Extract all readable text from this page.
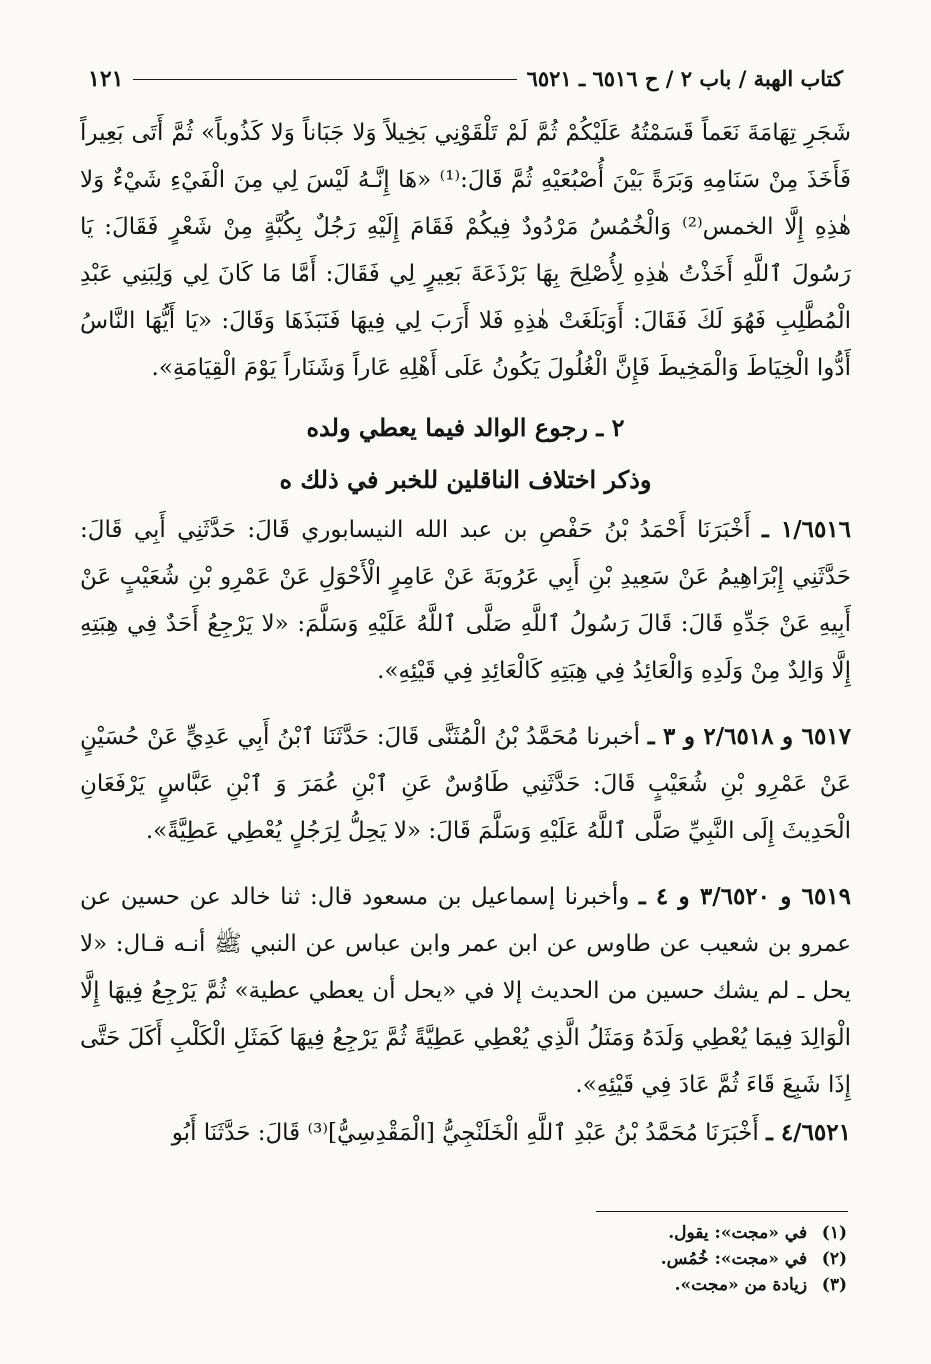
كتاب الهبة / باب ٢ / ح ٦٥١٦ ـ ٦٥٢١
١٢١

شَجَرِ تِهَامَةَ نَعَماً قَسَمْتُهُ عَلَيْكُمْ ثُمَّ لَمْ تَلْقَوْنِي بَخِيلاً وَلا جَبَاناً وَلا كَذُوباً» ثُمَّ أَتَى بَعِيراً فَأَخَذَ مِنْ سَنَامِهِ وَبَرَةً بَيْنَ أُصْبُعَيْهِ ثُمَّ قَالَ:⁽¹⁾ «هَا إِنَّـهُ لَيْسَ لِي مِنَ الْفَيْءِ شَيْءٌ وَلا هٰذِهِ إِلَّا الخمس⁽²⁾ وَالْخُمُسُ مَرْدُودٌ فِيكُمْ فَقَامَ إِلَيْهِ رَجُلٌ بِكُبَّةٍ مِنْ شَعْرٍ فَقَالَ: يَا رَسُولَ ٱللَّهِ أَخَذْتُ هٰذِهِ لِأُصْلِحَ بِهَا بَرْذَعَةَ بَعِيرٍ لِي فَقَالَ: أَمَّا مَا كَانَ لِي وَلِبَنِي عَبْدِ الْمُطَّلِبِ فَهُوَ لَكَ فَقَالَ: أَوَبَلَغَتْ هٰذِهِ فَلا أَرَبَ لِي فِيهَا فَنَبَذَهَا وَقَالَ: «يَا أَيُّهَا النَّاسُ أَدُّوا الْخِيَاطَ وَالْمَخِيطَ فَإِنَّ الْغُلُولَ يَكُونُ عَلَى أَهْلِهِ عَاراً وَشَنَاراً يَوْمَ الْقِيَامَةِ».

٢ ـ رجوع الوالد فيما يعطي ولده
وذكر اختلاف الناقلين للخبر في ذلك ه

١/٦٥١٦ ـ أَخْبَرَنَا أَحْمَدُ بْنُ حَفْصِ بن عبد الله النيسابوري قَالَ: حَدَّثَنِي أَبِي قَالَ: حَدَّثَنِي إِبْرَاهِيمُ عَنْ سَعِيدِ بْنِ أَبِي عَرُوبَةَ عَنْ عَامِرٍ الْأَحْوَلِ عَنْ عَمْرِو بْنِ شُعَيْبٍ عَنْ أَبِيهِ عَنْ جَدِّهِ قَالَ: قَالَ رَسُولُ ٱللَّهِ صَلَّى ٱللَّهُ عَلَيْهِ وَسَلَّمَ: «لا يَرْجِعُ أَحَدٌ فِي هِبَتِهِ إِلَّا وَالِدٌ مِنْ وَلَدِهِ وَالْعَائِدُ فِي هِبَتِهِ كَالْعَائِدِ فِي قَيْئِهِ».

٦٥١٧ و ٢/٦٥١٨ و ٣ ـ أخبرنا مُحَمَّدُ بْنُ الْمُثَنَّى قَالَ: حَدَّثَنَا ٱبْنُ أَبِي عَدِيٍّ عَنْ حُسَيْنٍ عَنْ عَمْرِو بْنِ شُعَيْبٍ قَالَ: حَدَّثَنِي طَاوُسٌ عَنِ ٱبْنِ عُمَرَ وَ ٱبْنِ عَبَّاسٍ يَرْفَعَانِ الْحَدِيثَ إِلَى النَّبِيِّ صَلَّى ٱللَّهُ عَلَيْهِ وَسَلَّمَ قَالَ: «لا يَحِلُّ لِرَجُلٍ يُعْطِي عَطِيَّةً».

٦٥١٩ و ٣/٦٥٢٠ و ٤ ـ وأخبرنا إسماعيل بن مسعود قال: ثنا خالد عن حسين عن عمرو بن شعيب عن طاوس عن ابن عمر وابن عباس عن النبي ﷺ أنـه قـال: «لا يحل ـ لم يشك حسين من الحديث إلا في «يحل أن يعطي عطية» ثُمَّ يَرْجِعُ فِيهَا إِلَّا الْوَالِدَ فِيمَا يُعْطِي وَلَدَهُ وَمَثَلُ الَّذِي يُعْطِي عَطِيَّةً ثُمَّ يَرْجِعُ فِيهَا كَمَثَلِ الْكَلْبِ أَكَلَ حَتَّى إِذَا شَبِعَ قَاءَ ثُمَّ عَادَ فِي قَيْئِهِ».

٤/٦٥٢١ ـ أَخْبَرَنَا مُحَمَّدُ بْنُ عَبْدِ ٱللَّهِ الْخَلَنْجِيُّ [الْمَقْدِسِيُّ]⁽³⁾ قَالَ: حَدَّثَنَا أَبُو

(١) في «مجت»: يقول.
(٢) في «مجت»: خُمُس.
(٣) زيادة من «مجت».
